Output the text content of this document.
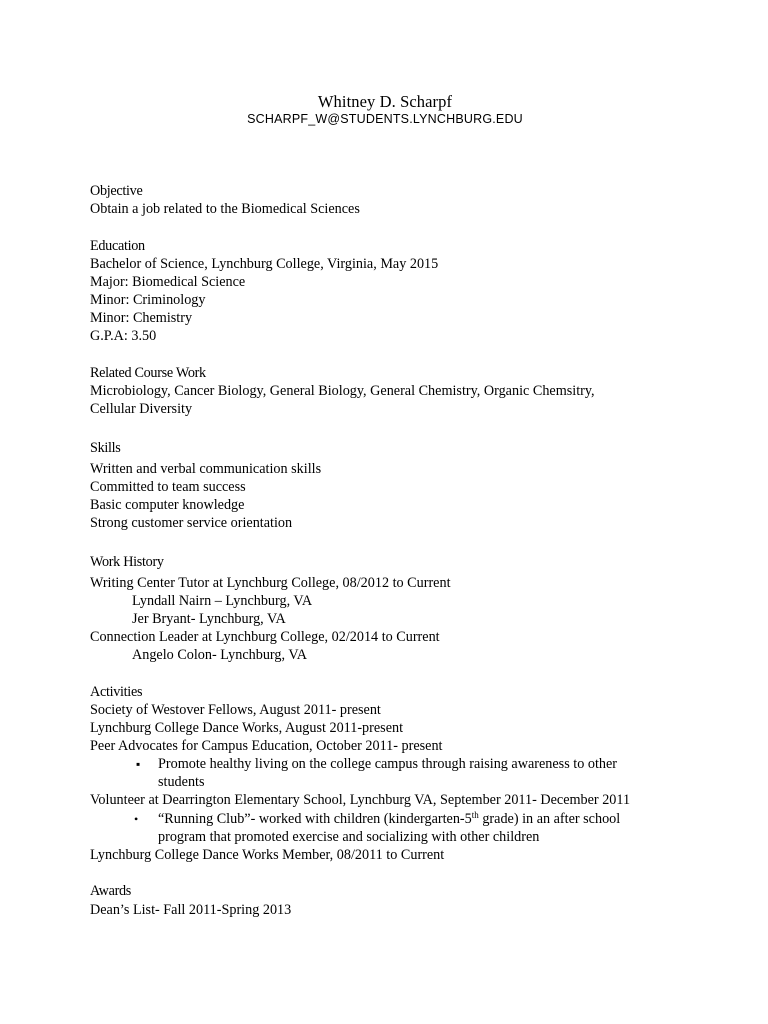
Whitney D. Scharpf
SCHARPF_W@STUDENTS.LYNCHBURG.EDU
Objective
Obtain a job related to the Biomedical Sciences
Education
Bachelor of Science, Lynchburg College, Virginia, May 2015
Major: Biomedical Science
Minor: Criminology
Minor: Chemistry
G.P.A: 3.50
Related Course Work
Microbiology, Cancer Biology, General Biology, General Chemistry, Organic Chemsitry,
Cellular Diversity
Skills
Written and verbal communication skills
Committed to team success
Basic computer knowledge
Strong customer service orientation
Work History
Writing Center Tutor at Lynchburg College, 08/2012 to Current
Lyndall Nairn – Lynchburg, VA
Jer Bryant- Lynchburg, VA
Connection Leader at Lynchburg College, 02/2014 to Current
Angelo Colon- Lynchburg, VA
Activities
Society of Westover Fellows, August 2011- present
Lynchburg College Dance Works, August 2011-present
Peer Advocates for Campus Education, October 2011- present
▪ Promote healthy living on the college campus through raising awareness to other
students
Volunteer at Dearrington Elementary School, Lynchburg VA, September 2011- December 2011
• “Running Club”- worked with children (kindergarten-5th grade) in an after school
program that promoted exercise and socializing with other children
Lynchburg College Dance Works Member, 08/2011 to Current
Awards
Dean’s List- Fall 2011-Spring 2013
